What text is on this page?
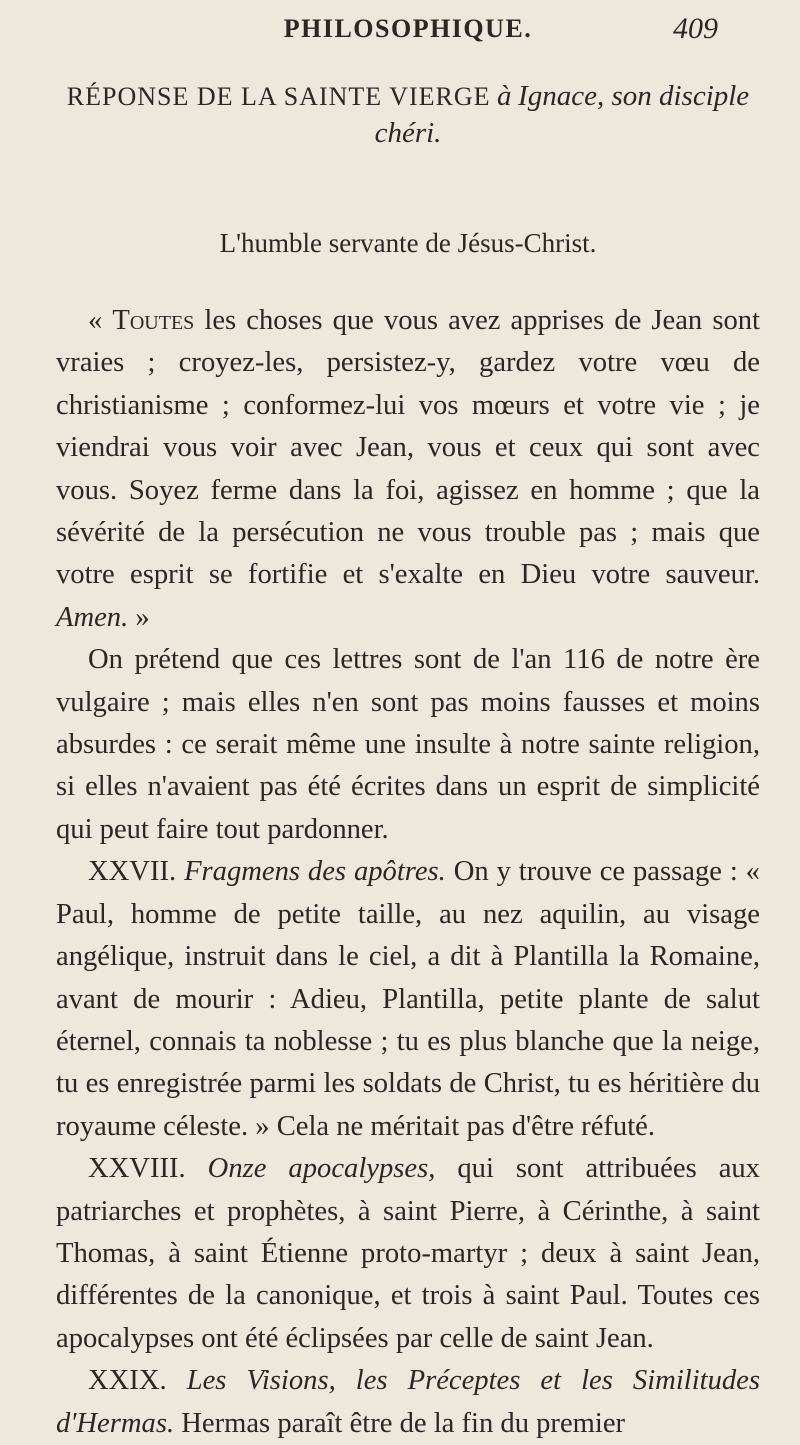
PHILOSOPHIQUE.	409
RÉPONSE DE LA SAINTE VIERGE à Ignace, son disciple
chéri.
L'humble servante de Jésus-Christ.

« Toutes les choses que vous avez apprises de Jean sont vraies ; croyez-les, persistez-y, gardez votre vœu de christianisme ; conformez-lui vos mœurs et votre vie ; je viendrai vous voir avec Jean, vous et ceux qui sont avec vous. Soyez ferme dans la foi, agissez en homme ; que la sévérité de la persécution ne vous trouble pas ; mais que votre esprit se fortifie et s'exalte en Dieu votre sauveur. Amen. »

On prétend que ces lettres sont de l'an 116 de notre ère vulgaire ; mais elles n'en sont pas moins fausses et moins absurdes : ce serait même une insulte à notre sainte religion, si elles n'avaient pas été écrites dans un esprit de simplicité qui peut faire tout pardonner.

XXVII. Fragmens des apôtres. On y trouve ce passage : « Paul, homme de petite taille, au nez aquilin, au visage angélique, instruit dans le ciel, a dit à Plantilla la Romaine, avant de mourir : Adieu, Plantilla, petite plante de salut éternel, connais ta noblesse ; tu es plus blanche que la neige, tu es enregistrée parmi les soldats de Christ, tu es héritière du royaume céleste. » Cela ne méritait pas d'être réfuté.

XXVIII. Onze apocalypses, qui sont attribuées aux patriarches et prophètes, à saint Pierre, à Cérinthe, à saint Thomas, à saint Étienne proto-martyr ; deux à saint Jean, différentes de la canonique, et trois à saint Paul. Toutes ces apocalypses ont été éclipsées par celle de saint Jean.

XXIX. Les Visions, les Préceptes et les Similitudes d'Hermas. Hermas paraît être de la fin du premier
